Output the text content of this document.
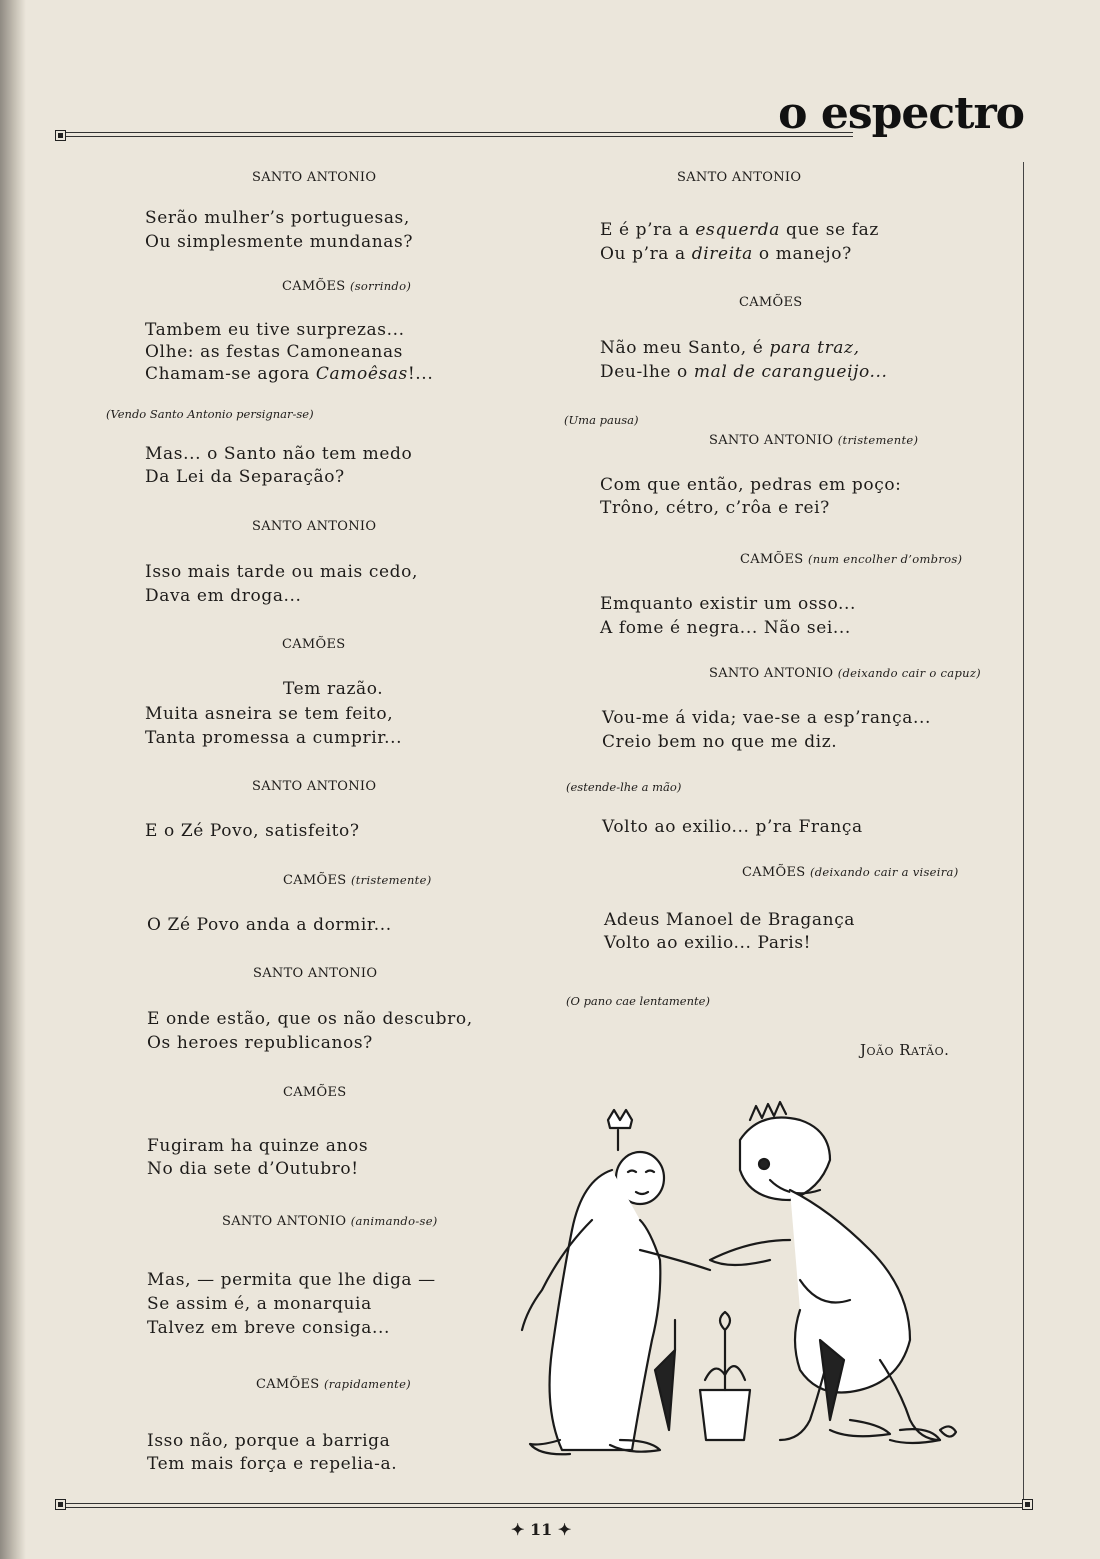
o espectro
SANTO ANTONIO
Serão mulher’s portuguesas,
Ou simplesmente mundanas?
CAMÕES (sorrindo)
Tambem eu tive surprezas...
Olhe: as festas Camoneanas
Chamam-se agora Camoêsas!...
(Vendo Santo Antonio persignar-se)
Mas... o Santo não tem medo
Da Lei da Separação?
SANTO ANTONIO
Isso mais tarde ou mais cedo,
Dava em droga...
CAMÕES
Tem razão.
Muita asneira se tem feito,
Tanta promessa a cumprir...
SANTO ANTONIO
E o Zé Povo, satisfeito?
CAMÕES (tristemente)
O Zé Povo anda a dormir...
SANTO ANTONIO
E onde estão, que os não descubro,
Os heroes republicanos?
CAMÕES
Fugiram ha quinze anos
No dia sete d’Outubro!
SANTO ANTONIO (animando-se)
Mas, — permita que lhe diga —
Se assim é, a monarquia
Talvez em breve consiga...
CAMÕES (rapidamente)
Isso não, porque a barriga
Tem mais força e repelia-a.
SANTO ANTONIO
E é p’ra a esquerda que se faz
Ou p’ra a direita o manejo?
CAMÕES
Não meu Santo, é para traz,
Deu-lhe o mal de carangueijo...
(Uma pausa)
SANTO ANTONIO (tristemente)
Com que então, pedras em poço:
Trôno, cétro, c’rôa e rei?
CAMÕES (num encolher d’ombros)
Emquanto existir um osso...
A fome é negra... Não sei...
SANTO ANTONIO (deixando cair o capuz)
Vou-me á vida; vae-se a esp’rança...
Creio bem no que me diz.
(estende-lhe a mão)
Volto ao exilio... p’ra França
CAMÕES (deixando cair a viseira)
Adeus Manoel de Bragança
Volto ao exilio... Paris!
(O pano cae lentamente)
João Ratão.
✦ 11 ✦
